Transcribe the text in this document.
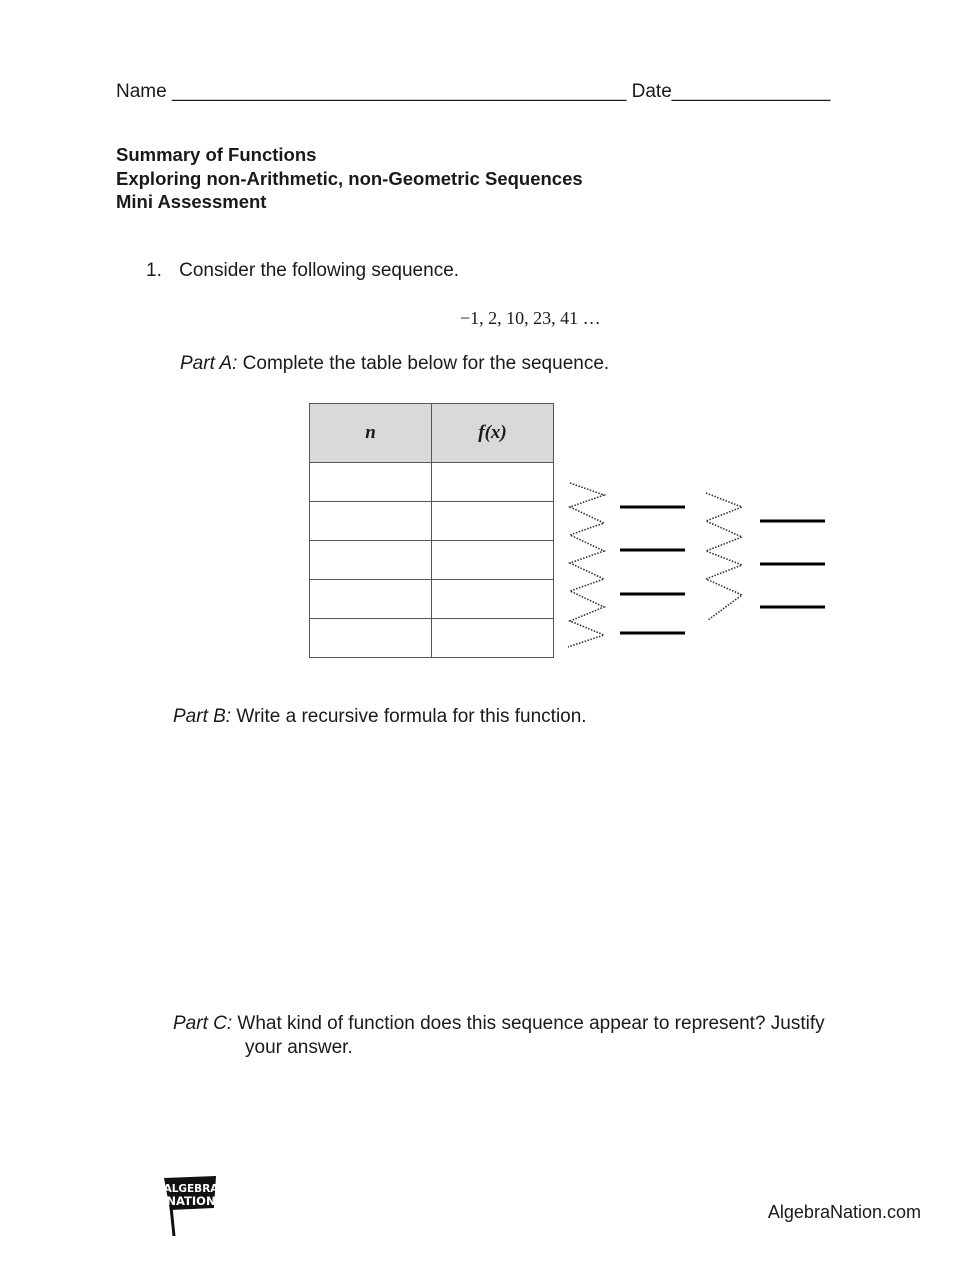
Name ___________________________________________ Date_______________
Summary of Functions
Exploring non-Arithmetic, non-Geometric Sequences
Mini Assessment
1. Consider the following sequence.
−1, 2, 10, 23, 41 …
Part A: Complete the table below for the sequence.
n	f(x)

Part B: Write a recursive formula for this function.
Part C: What kind of function does this sequence appear to represent? Justify
your answer.
ALGEBRA
NATION
AlgebraNation.com
